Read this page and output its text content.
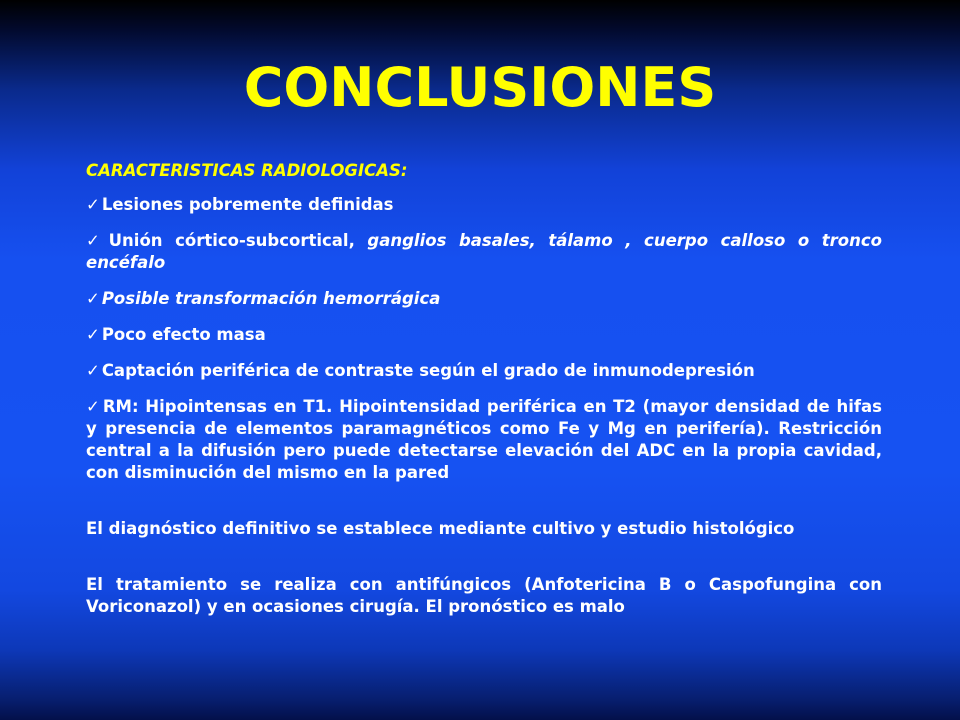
CONCLUSIONES
CARACTERISTICAS RADIOLOGICAS:
✓ Lesiones pobremente definidas
✓ Unión córtico-subcortical, ganglios basales, tálamo , cuerpo calloso o tronco encéfalo
✓ Posible transformación hemorrágica
✓ Poco efecto masa
✓ Captación periférica de contraste según el grado de inmunodepresión
✓ RM: Hipointensas en T1. Hipointensidad periférica en T2 (mayor densidad de hifas y presencia de elementos paramagnéticos como Fe y Mg en perifería). Restricción central a la difusión pero puede detectarse elevación del ADC en la propia cavidad, con disminución del mismo en la pared

El diagnóstico definitivo se establece mediante cultivo y estudio histológico

El tratamiento se realiza con antifúngicos (Anfotericina B o Caspofungina con Voriconazol) y en ocasiones cirugía. El pronóstico es malo
